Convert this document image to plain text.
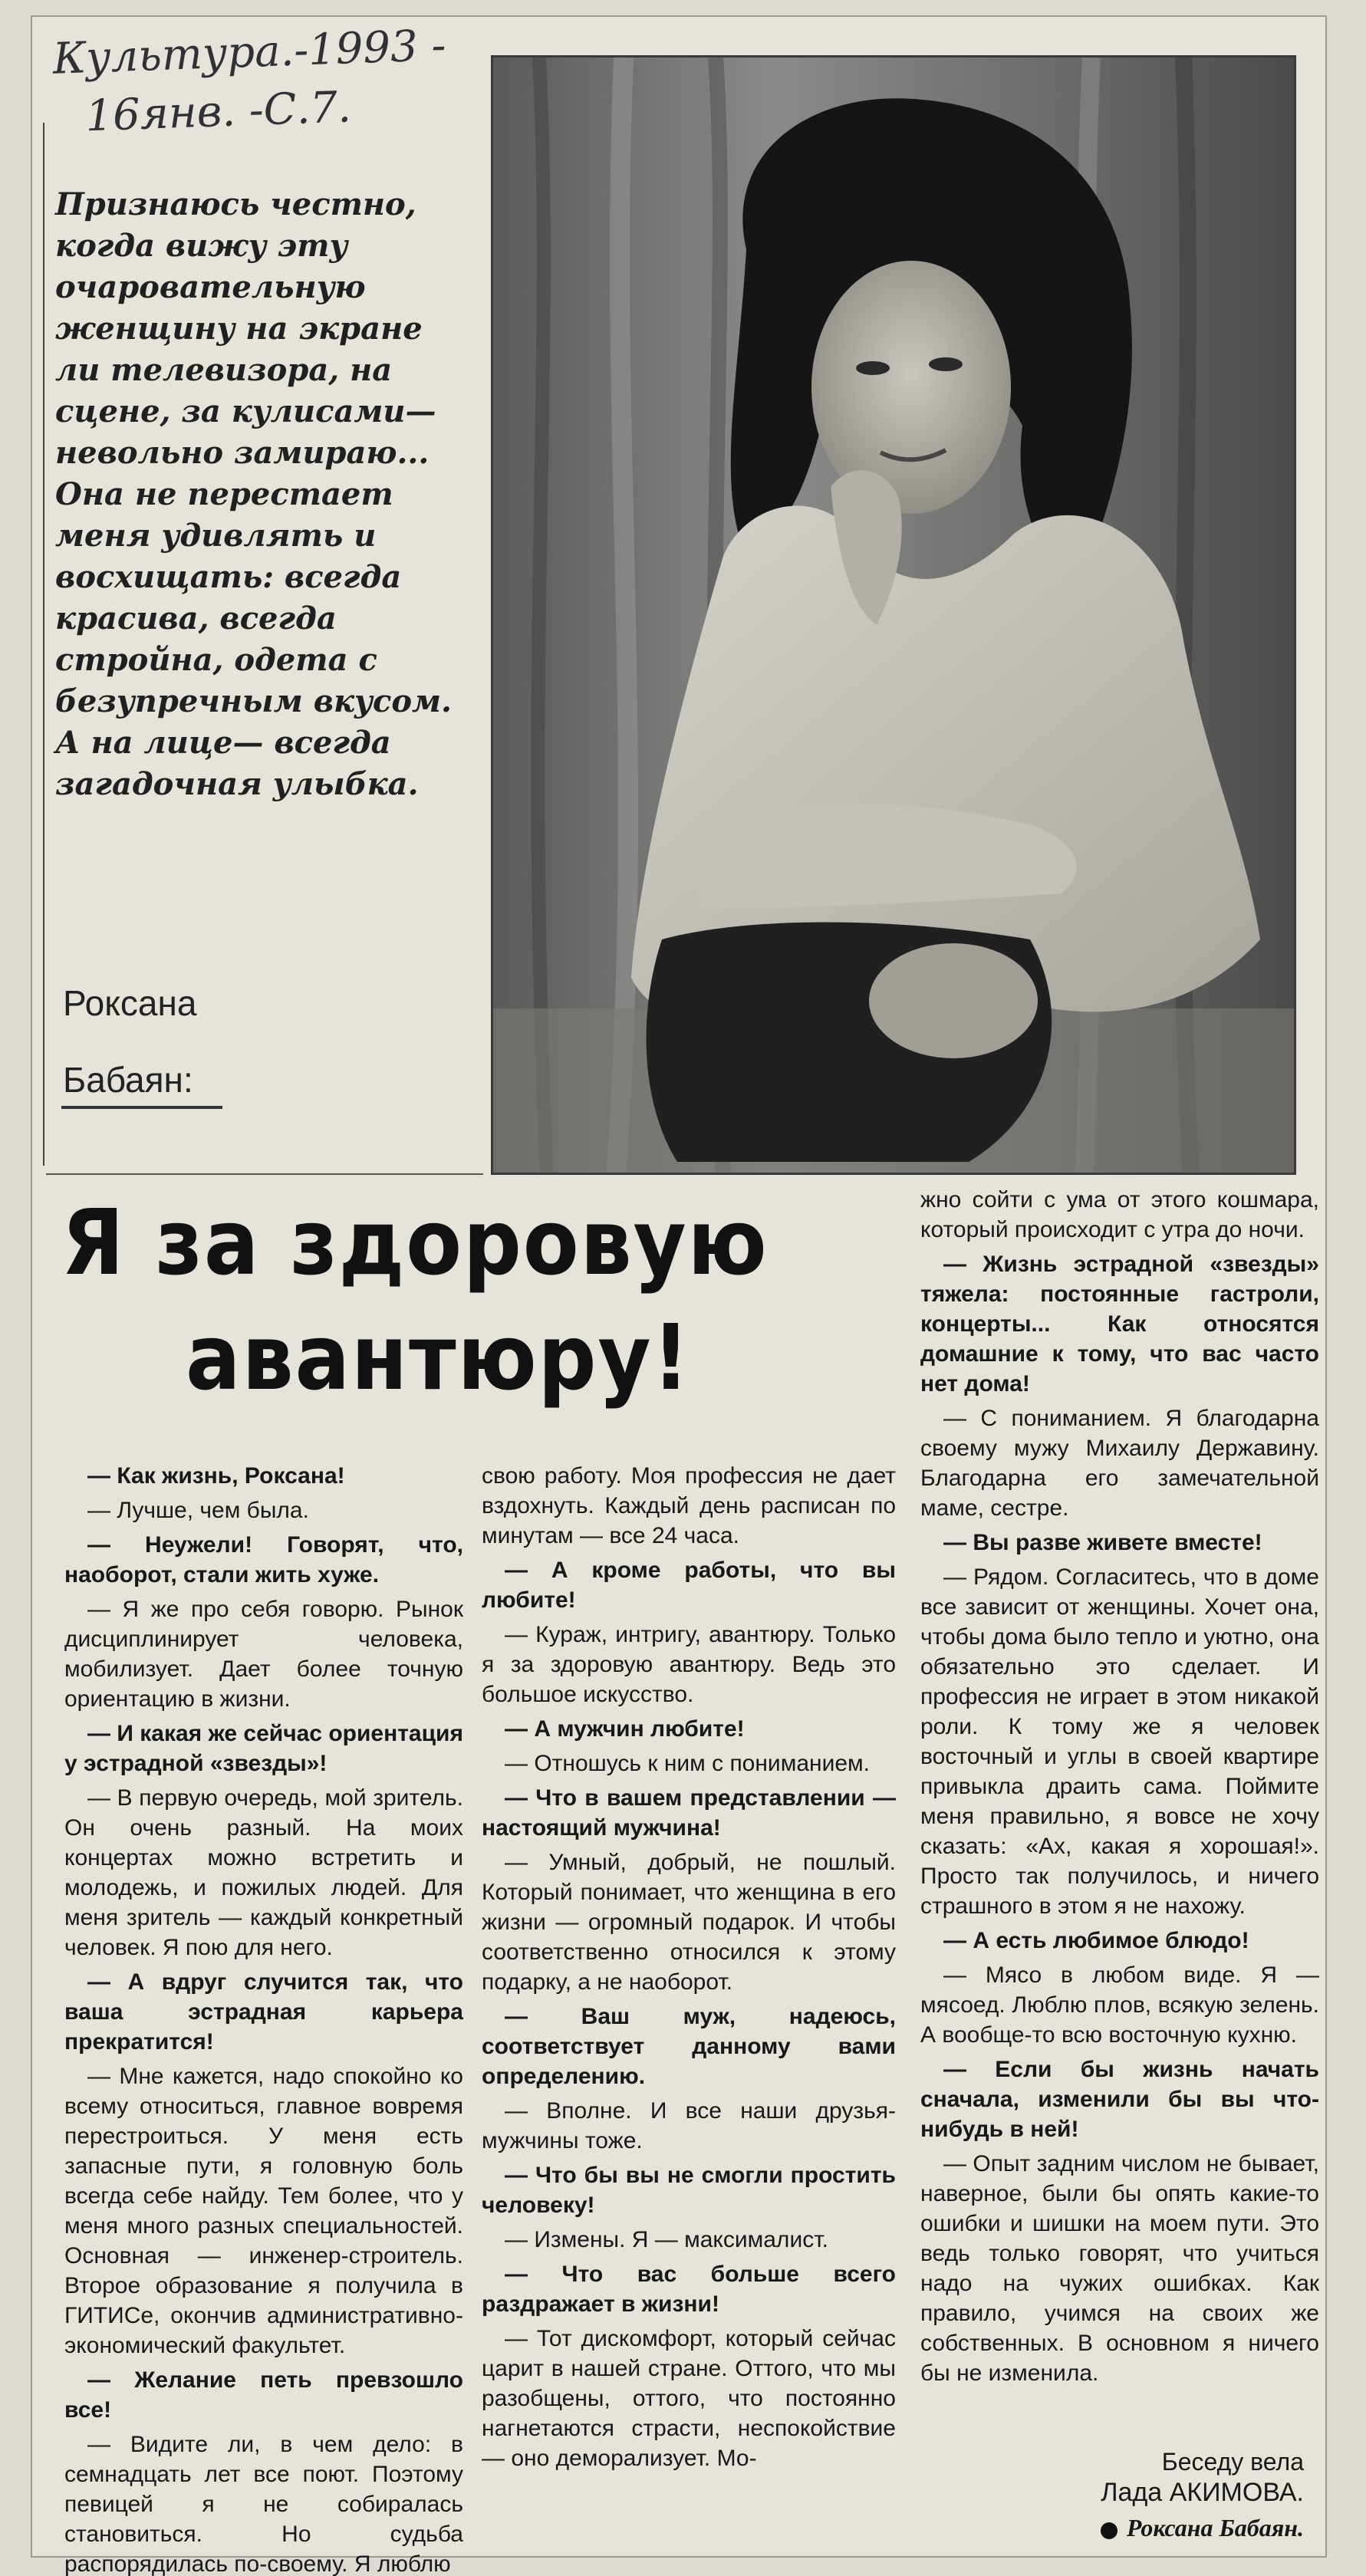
Культура.-1993 -
16янв. -С.7.
Признаюсь честно, когда вижу эту очаровательную женщину на экране ли телевизора, на сцене, за кулисами— невольно замираю... Она не перестает меня удивлять и восхищать: всегда красива, всегда стройна, одета с безупречным вкусом. А на лице— всегда загадочная улыбка.
Роксана
Бабаян:
Я за здоровую
авантюру!

— Как жизнь, Роксана!

— Лучше, чем была.

— Неужели! Говорят, что, наоборот, стали жить хуже.

— Я же про себя говорю. Рынок дисциплинирует человека, мобилизует. Дает более точную ориентацию в жизни.

— И какая же сейчас ориентация у эстрадной «звезды»!

— В первую очередь, мой зритель. Он очень разный. На моих концертах можно встретить и молодежь, и пожилых людей. Для меня зритель — каждый конкретный человек. Я пою для него.

— А вдруг случится так, что ваша эстрадная карьера прекратится!

— Мне кажется, надо спокойно ко всему относиться, главное вовремя перестроиться. У меня есть запасные пути, я головную боль всегда себе найду. Тем более, что у меня много разных специальностей. Основная — инженер-строитель. Второе образование я получила в ГИТИСе, окончив административно-экономический факультет.

— Желание петь превзошло все!

— Видите ли, в чем дело: в семнадцать лет все поют. Поэтому певицей я не собиралась становиться. Но судьба распорядилась по-своему. Я люблю

свою работу. Моя профессия не дает вздохнуть. Каждый день расписан по минутам — все 24 часа.

— А кроме работы, что вы любите!

— Кураж, интригу, авантюру. Только я за здоровую авантюру. Ведь это большое искусство.

— А мужчин любите!

— Отношусь к ним с пониманием.

— Что в вашем представлении — настоящий мужчина!

— Умный, добрый, не пошлый. Который понимает, что женщина в его жизни — огромный подарок. И чтобы соответственно относился к этому подарку, а не наоборот.

— Ваш муж, надеюсь, соответствует данному вами определению.

— Вполне. И все наши друзья-мужчины тоже.

— Что бы вы не смогли простить человеку!

— Измены. Я — максималист.

— Что вас больше всего раздражает в жизни!

— Тот дискомфорт, который сейчас царит в нашей стране. Оттого, что мы разобщены, оттого, что постоянно нагнетаются страсти, неспокойствие — оно деморализует. Мо-

жно сойти с ума от этого кошмара, который происходит с утра до ночи.

— Жизнь эстрадной «звезды» тяжела: постоянные гастроли, концерты... Как относятся домашние к тому, что вас часто нет дома!

— С пониманием. Я благодарна своему мужу Михаилу Державину. Благодарна его замечательной маме, сестре.

— Вы разве живете вместе!

— Рядом. Согласитесь, что в доме все зависит от женщины. Хочет она, чтобы дома было тепло и уютно, она обязательно это сделает. И профессия не играет в этом никакой роли. К тому же я человек восточный и углы в своей квартире привыкла драить сама. Поймите меня правильно, я вовсе не хочу сказать: «Ах, какая я хорошая!». Просто так получилось, и ничего страшного в этом я не нахожу.

— А есть любимое блюдо!

— Мясо в любом виде. Я — мясоед. Люблю плов, всякую зелень. А вообще-то всю восточную кухню.

— Если бы жизнь начать сначала, изменили бы вы что-нибудь в ней!

— Опыт задним числом не бывает, наверное, были бы опять какие-то ошибки и шишки на моем пути. Это ведь только говорят, что учиться надо на чужих ошибках. Как правило, учимся на своих же собственных. В основном я ничего бы не изменила.

Беседу вела
Лада АКИМОВА.
Роксана Бабаян.
